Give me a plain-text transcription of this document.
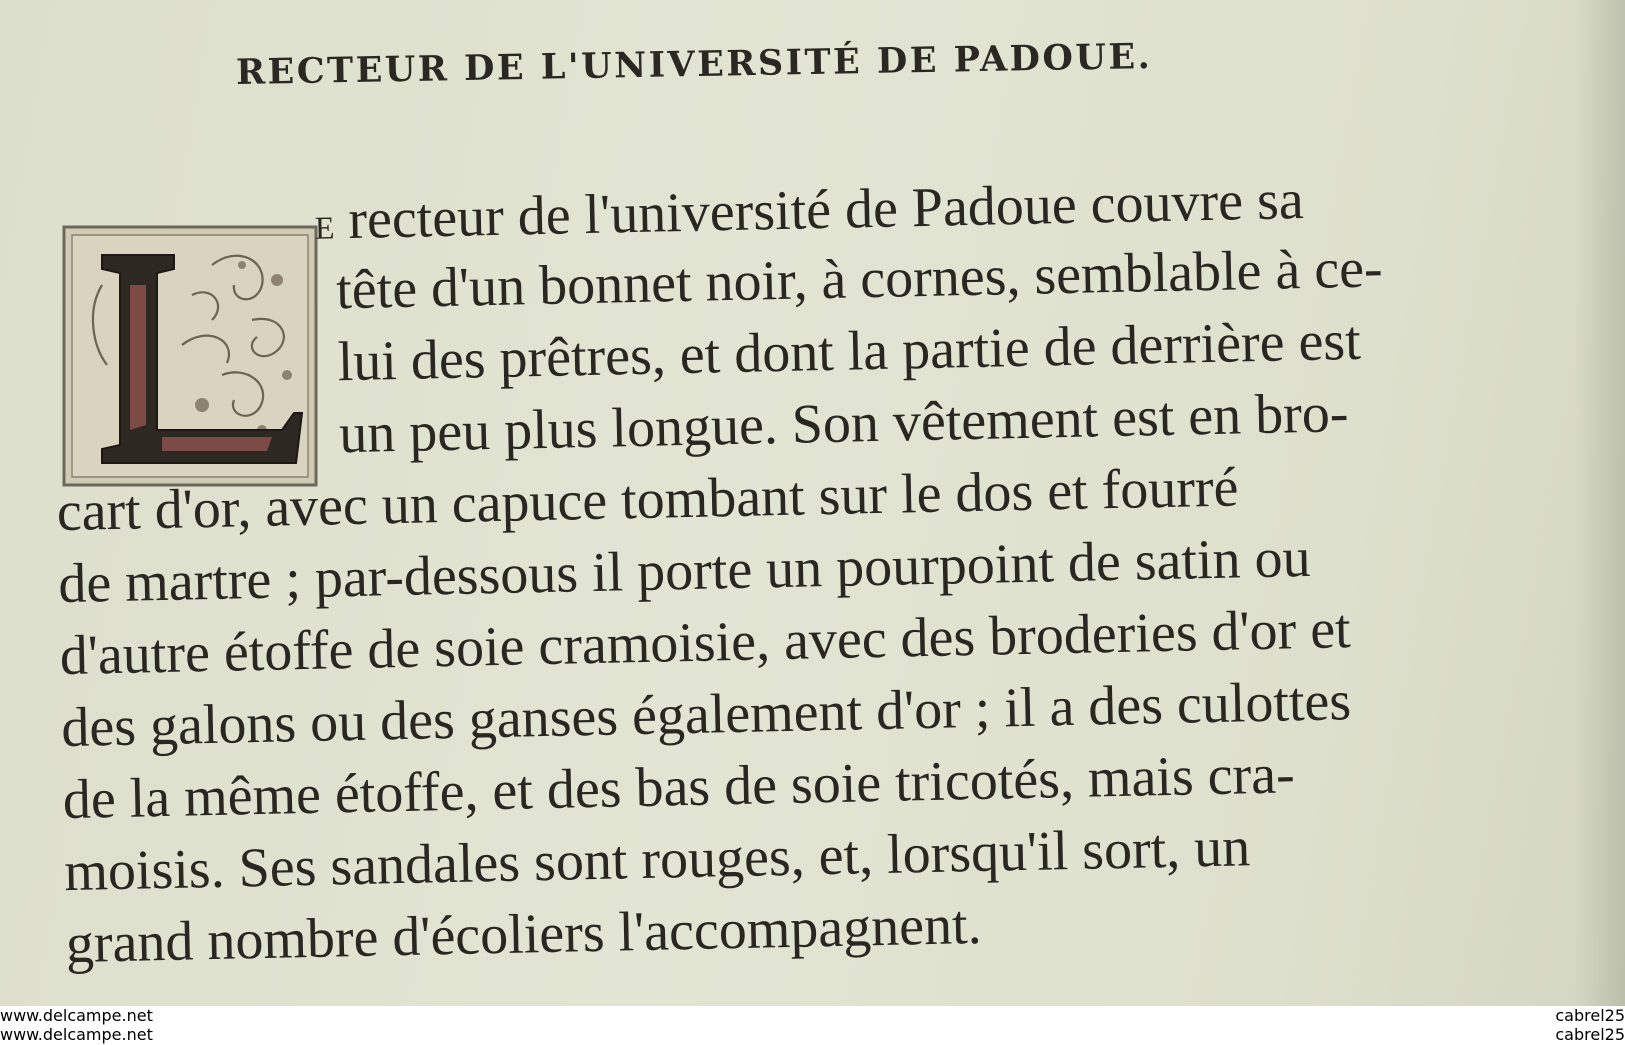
RECTEUR DE L'UNIVERSITÉ DE PADOUE.
E recteur de l'université de Padoue couvre sa
tête d'un bonnet noir, à cornes, semblable à ce-
lui des prêtres, et dont la partie de derrière est
un peu plus longue. Son vêtement est en bro-
cart d'or, avec un capuce tombant sur le dos et fourré
de martre ; par-dessous il porte un pourpoint de satin ou
d'autre étoffe de soie cramoisie, avec des broderies d'or et
des galons ou des ganses également d'or ; il a des culottes
de la même étoffe, et des bas de soie tricotés, mais cra-
moisis. Ses sandales sont rouges, et, lorsqu'il sort, un
grand nombre d'écoliers l'accompagnent.
www.delcampe.net
www.delcampe.net
cabrel25
cabrel25
